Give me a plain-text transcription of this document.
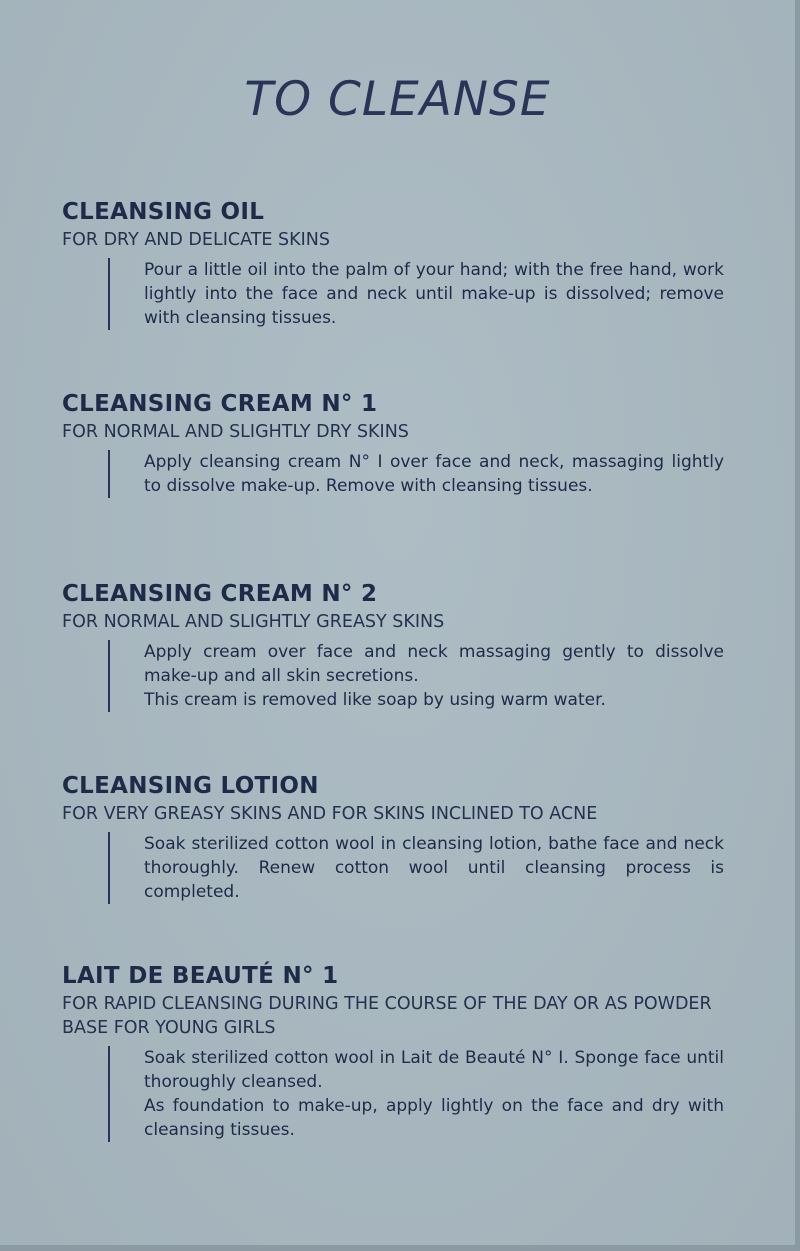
TO CLEANSE
CLEANSING OIL
FOR DRY AND DELICATE SKINS

Pour a little oil into the palm of your hand; with the free hand, work lightly into the face and neck until make-up is dissolved; remove with cleansing tissues.

CLEANSING CREAM N° 1
FOR NORMAL AND SLIGHTLY DRY SKINS

Apply cleansing cream N° I over face and neck, massaging lightly to dissolve make-up. Remove with cleansing tissues.

CLEANSING CREAM N° 2
FOR NORMAL AND SLIGHTLY GREASY SKINS

Apply cream over face and neck massaging gently to dissolve make-up and all skin secretions.

This cream is removed like soap by using warm water.

CLEANSING LOTION
FOR VERY GREASY SKINS AND FOR SKINS INCLINED TO ACNE

Soak sterilized cotton wool in cleansing lotion, bathe face and neck thoroughly. Renew cotton wool until cleansing process is completed.

LAIT DE BEAUTÉ N° 1
FOR RAPID CLEANSING DURING THE COURSE OF THE DAY OR AS POWDER BASE FOR YOUNG GIRLS

Soak sterilized cotton wool in Lait de Beauté N° I. Sponge face until thoroughly cleansed.

As foundation to make-up, apply lightly on the face and dry with cleansing tissues.
